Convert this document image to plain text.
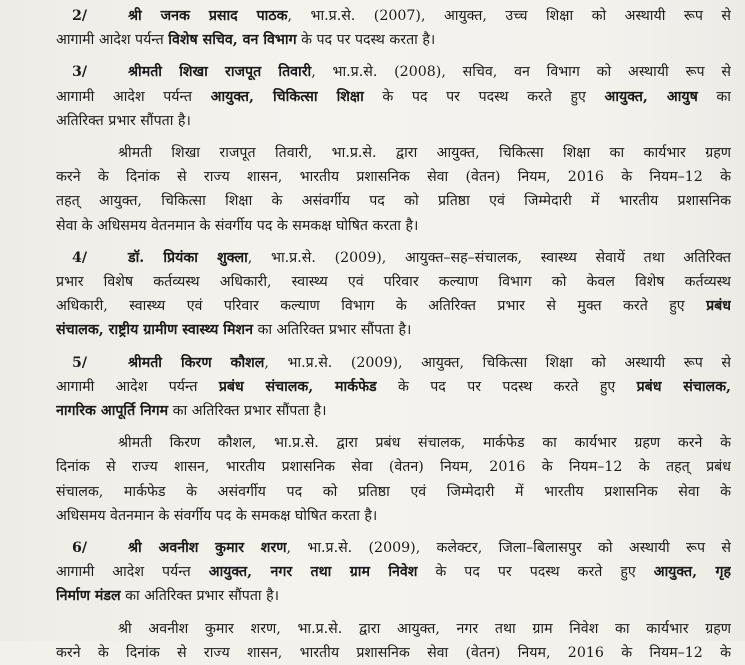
2/	श्री जनक प्रसाद पाठक, भा.प्र.से. (2007), आयुक्त, उच्च शिक्षा को अस्थायी रूप से
आगामी आदेश पर्यन्त विशेष सचिव, वन विभाग के पद पर पदस्थ करता है।
3/	श्रीमती शिखा राजपूत तिवारी, भा.प्र.से. (2008), सचिव, वन विभाग को अस्थायी रूप से
आगामी आदेश पर्यन्त आयुक्त, चिकित्सा शिक्षा के पद पर पदस्थ करते हुए आयुक्त, आयुष का
अतिरिक्त प्रभार सौंपता है।
श्रीमती शिखा राजपूत तिवारी, भा.प्र.से. द्वारा आयुक्त, चिकित्सा शिक्षा का कार्यभार ग्रहण
करने के दिनांक से राज्य शासन, भारतीय प्रशासनिक सेवा (वेतन) नियम, 2016 के नियम–12 के
तहत् आयुक्त, चिकित्सा शिक्षा के असंवर्गीय पद को प्रतिष्ठा एवं जिम्मेदारी में भारतीय प्रशासनिक
सेवा के अधिसमय वेतनमान के संवर्गीय पद के समकक्ष घोषित करता है।
4/	डॉ. प्रियंका शुक्ला, भा.प्र.से. (2009), आयुक्त–सह–संचालक, स्वास्थ्य सेवायें तथा अतिरिक्त
प्रभार विशेष कर्तव्यस्थ अधिकारी, स्वास्थ्य एवं परिवार कल्याण विभाग को केवल विशेष कर्तव्यस्थ
अधिकारी, स्वास्थ्य एवं परिवार कल्याण विभाग के अतिरिक्त प्रभार से मुक्त करते हुए प्रबंध
संचालक, राष्ट्रीय ग्रामीण स्वास्थ्य मिशन का अतिरिक्त प्रभार सौंपता है।
5/	श्रीमती किरण कौशल, भा.प्र.से. (2009), आयुक्त, चिकित्सा शिक्षा को अस्थायी रूप से
आगामी आदेश पर्यन्त प्रबंध संचालक, मार्कफेड के पद पर पदस्थ करते हुए प्रबंध संचालक,
नागरिक आपूर्ति निगम का अतिरिक्त प्रभार सौंपता है।
श्रीमती किरण कौशल, भा.प्र.से. द्वारा प्रबंध संचालक, मार्कफेड का कार्यभार ग्रहण करने के
दिनांक से राज्य शासन, भारतीय प्रशासनिक सेवा (वेतन) नियम, 2016 के नियम–12 के तहत् प्रबंध
संचालक, मार्कफेड के असंवर्गीय पद को प्रतिष्ठा एवं जिम्मेदारी में भारतीय प्रशासनिक सेवा के
अधिसमय वेतनमान के संवर्गीय पद के समकक्ष घोषित करता है।
6/	श्री अवनीश कुमार शरण, भा.प्र.से. (2009), कलेक्टर, जिला–बिलासपुर को अस्थायी रूप से
आगामी आदेश पर्यन्त आयुक्त, नगर तथा ग्राम निवेश के पद पर पदस्थ करते हुए आयुक्त, गृह
निर्माण मंडल का अतिरिक्त प्रभार सौंपता है।
श्री अवनीश कुमार शरण, भा.प्र.से. द्वारा आयुक्त, नगर तथा ग्राम निवेश का कार्यभार ग्रहण
करने के दिनांक से राज्य शासन, भारतीय प्रशासनिक सेवा (वेतन) नियम, 2016 के नियम–12 के
